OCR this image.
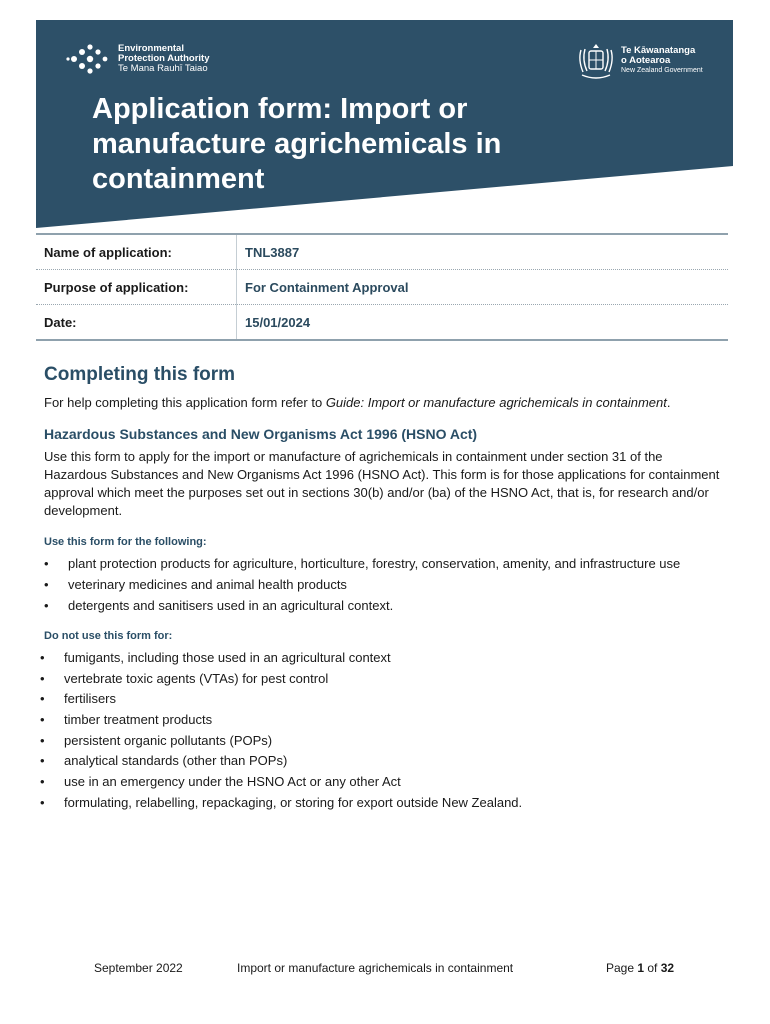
Environmental
Protection Authority
Te Mana Rauhī Taiao
Te Kāwanatanga
o Aotearoa
New Zealand Government
Application form: Import or manufacture agrichemicals in containment
Name of application:	TNL3887
Purpose of application:	For Containment Approval
Date:	15/01/2024
Completing this form

For help completing this application form refer to Guide: Import or manufacture agrichemicals in containment.

Hazardous Substances and New Organisms Act 1996 (HSNO Act)

Use this form to apply for the import or manufacture of agrichemicals in containment under section 31 of the Hazardous Substances and New Organisms Act 1996 (HSNO Act). This form is for those applications for containment approval which meet the purposes set out in sections 30(b) and/or (ba) of the HSNO Act, that is, for research and/or development.

Use this form for the following:
• plant protection products for agriculture, horticulture, forestry, conservation, amenity, and infrastructure use
• veterinary medicines and animal health products
• detergents and sanitisers used in an agricultural context.
Do not use this form for:
• fumigants, including those used in an agricultural context
• vertebrate toxic agents (VTAs) for pest control
• fertilisers
• timber treatment products
• persistent organic pollutants (POPs)
• analytical standards (other than POPs)
• use in an emergency under the HSNO Act or any other Act
• formulating, relabelling, repackaging, or storing for export outside New Zealand.
September 2022	Import or manufacture agrichemicals in containment	Page 1 of 32
